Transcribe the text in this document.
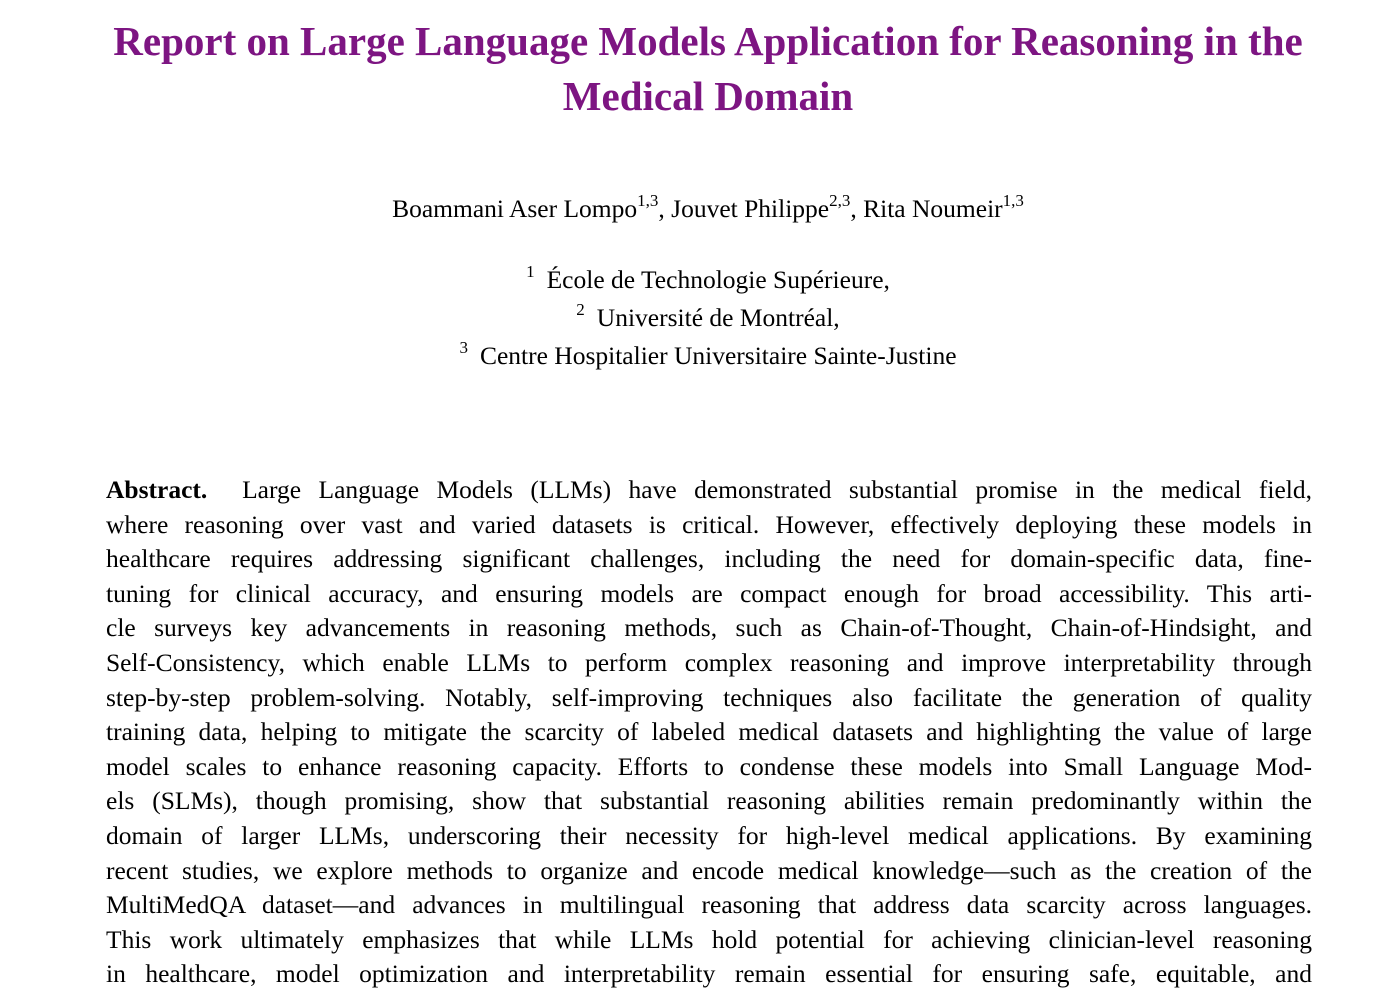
Report on Large Language Models Application for Reasoning in the
Medical Domain
Boammani Aser Lompo$^{1,3}$, Jouvet Philippe$^{2,3}$, Rita Noumeir$^{1,3}$
$^1$ École de Technologie Supérieure,
$^2$ Université de Montréal,
$^3$ Centre Hospitalier Universitaire Sainte-Justine
Abstract. Large Language Models (LLMs) have demonstrated substantial promise in the medical field,
where reasoning over vast and varied datasets is critical. However, effectively deploying these models in
healthcare requires addressing significant challenges, including the need for domain-specific data, fine-
tuning for clinical accuracy, and ensuring models are compact enough for broad accessibility. This arti-
cle surveys key advancements in reasoning methods, such as Chain-of-Thought, Chain-of-Hindsight, and
Self-Consistency, which enable LLMs to perform complex reasoning and improve interpretability through
step-by-step problem-solving. Notably, self-improving techniques also facilitate the generation of quality
training data, helping to mitigate the scarcity of labeled medical datasets and highlighting the value of large
model scales to enhance reasoning capacity. Efforts to condense these models into Small Language Mod-
els (SLMs), though promising, show that substantial reasoning abilities remain predominantly within the
domain of larger LLMs, underscoring their necessity for high-level medical applications. By examining
recent studies, we explore methods to organize and encode medical knowledge—such as the creation of the
MultiMedQA dataset—and advances in multilingual reasoning that address data scarcity across languages.
This work ultimately emphasizes that while LLMs hold potential for achieving clinician-level reasoning
in healthcare, model optimization and interpretability remain essential for ensuring safe, equitable, and
